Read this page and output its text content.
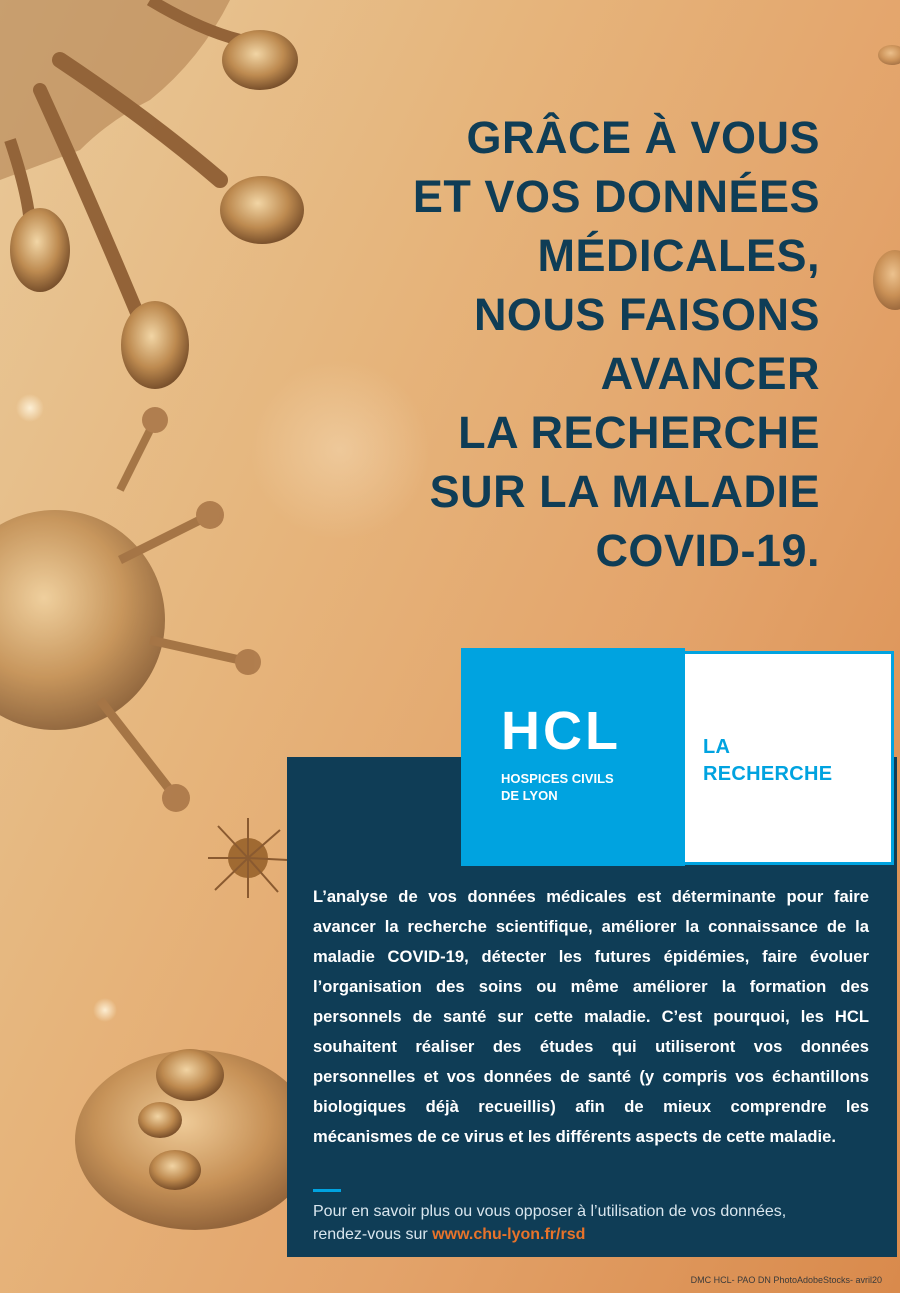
GRÂCE À VOUS
ET VOS DONNÉES
MÉDICALES,
NOUS FAISONS
AVANCER
LA RECHERCHE
SUR LA MALADIE
COVID-19.
HCL
HOSPICES CIVILS
DE LYON
LA
RECHERCHE
L’analyse de vos données médicales est déterminante pour faire avancer la recherche scientifique, améliorer la connaissance de la maladie COVID-19, détecter les futures épidémies, faire évoluer l’organisation des soins ou même améliorer la formation des personnels de santé sur cette maladie. C’est pourquoi, les HCL souhaitent réaliser des études qui utiliseront vos données personnelles et vos données de santé (y compris vos échantillons biologiques déjà recueillis) afin de mieux comprendre les mécanismes de ce virus et les différents aspects de cette maladie.
Pour en savoir plus ou vous opposer à l’utilisation de vos données,
rendez-vous sur www.chu-lyon.fr/rsd
DMC HCL- PAO DN PhotoAdobeStocks- avril20
